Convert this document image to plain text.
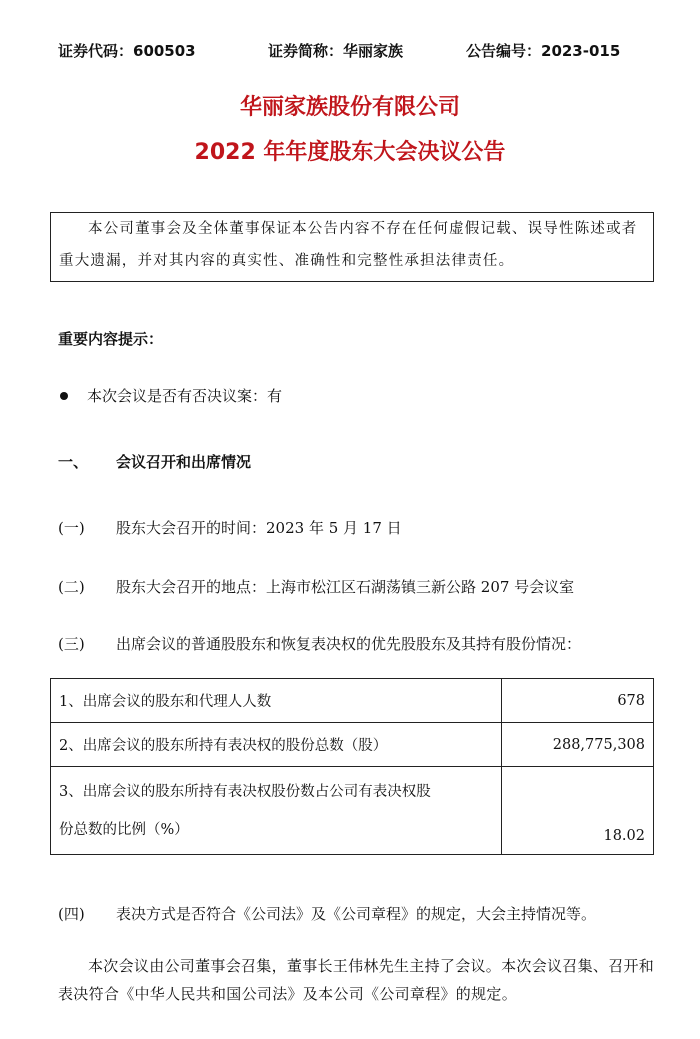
证券代码：600503	证券简称：华丽家族	公告编号：2023-015
华丽家族股份有限公司
2022 年年度股东大会决议公告

本公司董事会及全体董事保证本公告内容不存在任何虚假记载、误导性陈述或者重大遗漏，并对其内容的真实性、准确性和完整性承担法律责任。

重要内容提示：
本次会议是否有否决议案：有
一、 会议召开和出席情况
(一) 股东大会召开的时间：2023 年 5 月 17 日
(二) 股东大会召开的地点：上海市松江区石湖荡镇三新公路 207 号会议室
(三) 出席会议的普通股股东和恢复表决权的优先股股东及其持有股份情况：
1、出席会议的股东和代理人人数	678
2、出席会议的股东所持有表决权的股份总数（股）	288,775,308

3、出席会议的股东所持有表决权股份数占公司有表决权股
份总数的比例（%）	18.02
(四) 表决方式是否符合《公司法》及《公司章程》的规定，大会主持情况等。
本次会议由公司董事会召集，董事长王伟林先生主持了会议。本次会议召集、召开和表决符合《中华人民共和国公司法》及本公司《公司章程》的规定。
